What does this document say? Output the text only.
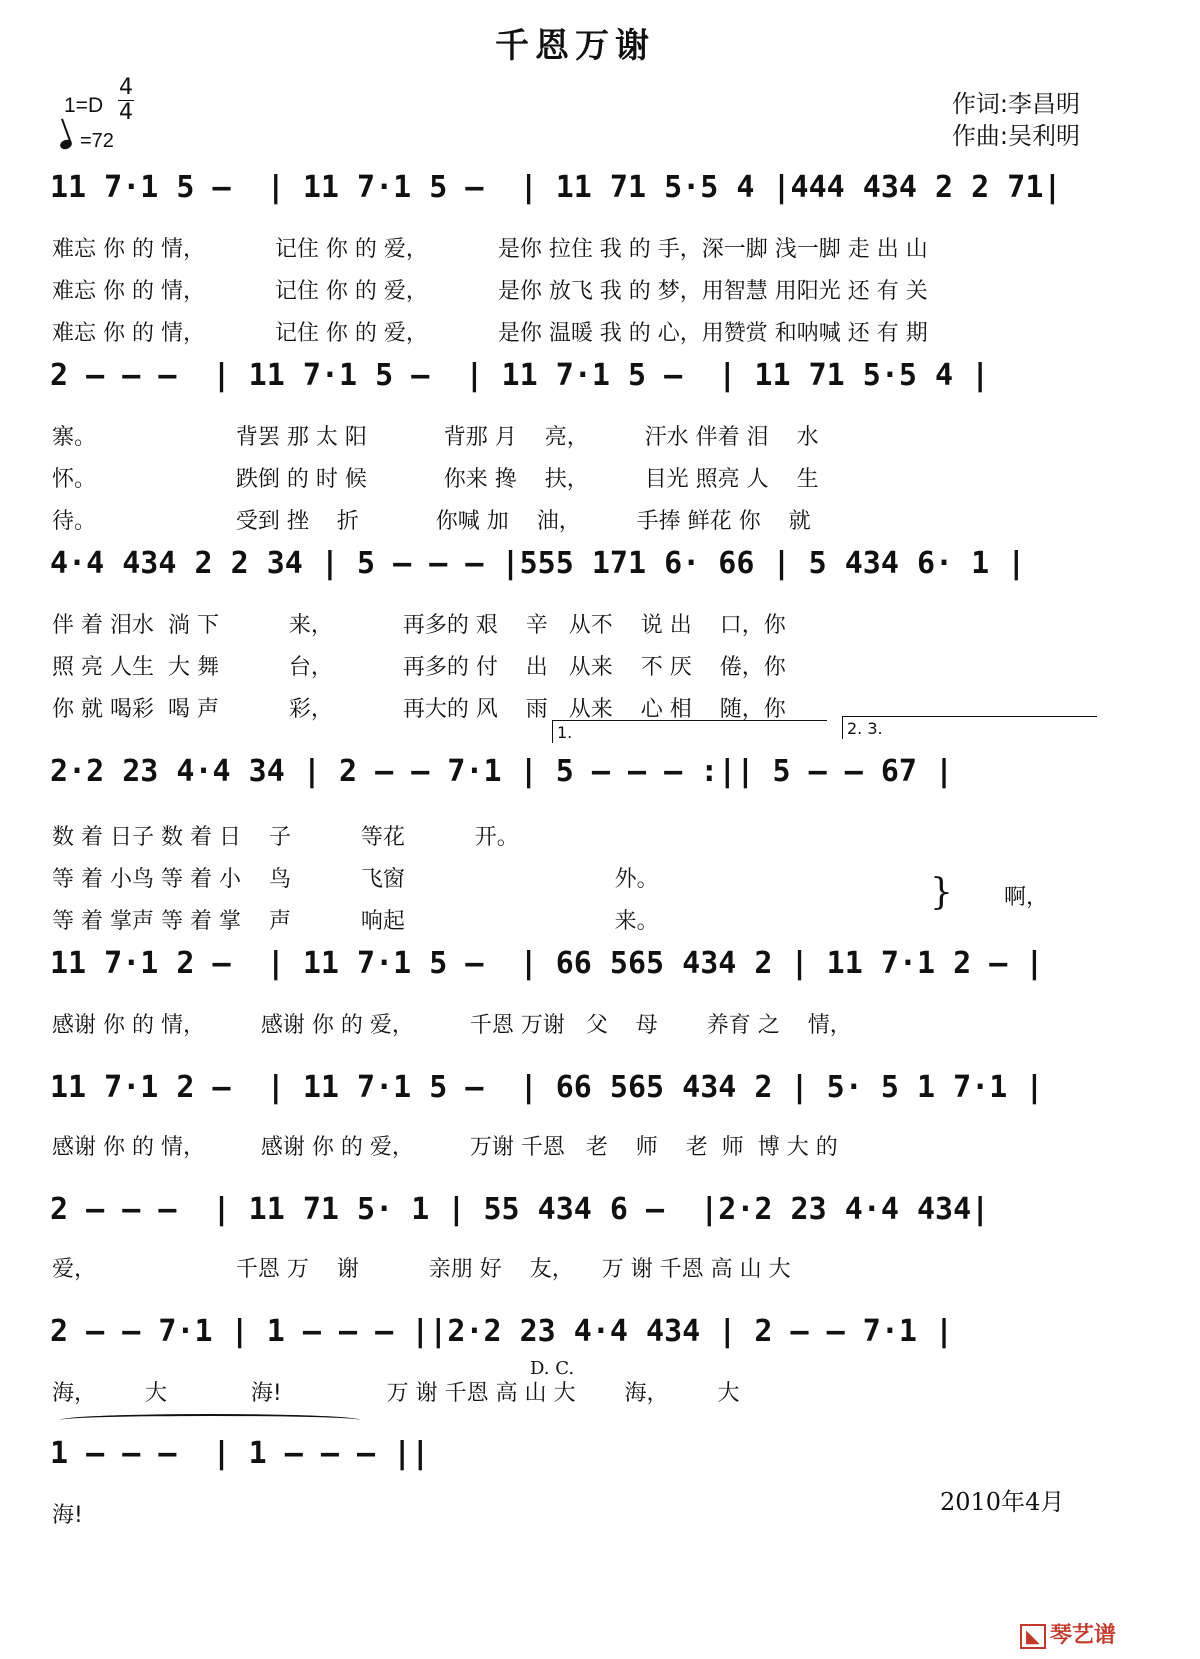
千恩万谢
1=D
4
4
=72
作词:李昌明
作曲:吴利明
11 7·1 5 –  | 11 7·1 5 –  | 11 71 5·5 4 |444 434 2 2 71|
难忘 你 的 情，          记住 你 的 爱，          是你 拉住 我 的 手，深一脚 浅一脚 走 出 山
难忘 你 的 情，          记住 你 的 爱，          是你 放飞 我 的 梦，用智慧 用阳光 还 有 关
难忘 你 的 情，          记住 你 的 爱，          是你 温暖 我 的 心，用赞赏 和呐喊 还 有 期
2 – – –  | 11 7·1 5 –  | 11 7·1 5 –  | 11 71 5·5 4 |
寨。                    背罢 那 太 阳           背那 月    亮，        汗水 伴着 泪    水
怀。                    跌倒 的 时 候           你来 搀    扶，        目光 照亮 人    生
待。                    受到 挫    折           你喊 加    油，        手捧 鲜花 你    就
4·4 434 2 2 34 | 5 – – – |555 171 6· 66 | 5 434 6· 1 |
伴 着 泪水  淌 下          来，          再多的 艰    辛   从不    说 出    口，你
照 亮 人生  大 舞          台，          再多的 付    出   从来    不 厌    倦，你
你 就 喝彩  喝 声          彩，          再大的 风    雨   从来    心 相    随，你
1.	2. 3.
2·2 23 4·4 34 | 2 – – 7·1 | 5 – – – :|| 5 – – 67 |
数 着 日子 数 着 日    子          等花          开。
等 着 小鸟 等 着 小    鸟          飞窗                              外。
等 着 掌声 等 着 掌    声          响起                              来。
} 啊，
11 7·1 2 –  | 11 7·1 5 –  | 66 565 434 2 | 11 7·1 2 – |
感谢 你 的 情，        感谢 你 的 爱，        千恩 万谢   父    母       养育 之    情，
11 7·1 2 –  | 11 7·1 5 –  | 66 565 434 2 | 5· 5 1 7·1 |
感谢 你 的 情，        感谢 你 的 爱，        万谢 千恩   老    师    老  师  博 大 的
2 – – –  | 11 71 5· 1 | 55 434 6 –  |2·2 23 4·4 434|
爱，                    千恩 万    谢          亲朋 好    友，    万 谢 千恩 高 山 大
2 – – 7·1 | 1 – – – ||2·2 23 4·4 434 | 2 – – 7·1 |
D. C.
海，       大            海!               万 谢 千恩 高 山 大       海，       大
1 – – –  | 1 – – – ||
海!	2010年4月
◣ 琴艺谱
